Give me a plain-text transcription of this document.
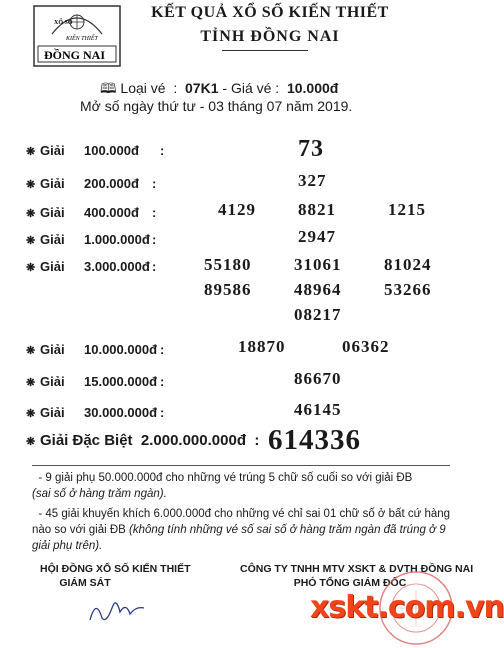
XỔ SỐ
KIẾN THIẾT
ĐỒNG NAI
KẾT QUẢ XỔ SỐ KIẾN THIẾT
TỈNH ĐỒNG NAI
🕮 Loại vé  :  07K1 - Giá vé :  10.000đ
Mở số ngày thứ tư - 03 tháng 07 năm 2019.
❋ Giải 100.000đ :	73
❋ Giải 200.000đ :	327
❋ Giải 400.000đ :	4129 8821	1215
❋ Giải 1.000.000đ :	2947
❋ Giải 3.000.000đ :	55180	31061	81024
89586	48964	53266
08217
❋ Giải 10.000.000đ :	18870	06362
❋ Giải 15.000.000đ :	86670
❋ Giải 30.000.000đ :	46145
❋ Giải Đặc Biệt 2.000.000.000đ  : 614336
- 9 giải phụ 50.000.000đ cho những vé trúng 5 chữ số cuối so với giải ĐB
(sai số ở hàng trăm ngàn).
- 45 giải khuyến khích 6.000.000đ cho những vé chỉ sai 01 chữ số ở bất cứ hàng nào so với giải ĐB (không tính những vé số sai số ở hàng trăm ngàn đã trúng ở 9 giải phụ trên).
HỘI ĐỒNG XỔ SỐ KIẾN THIẾT
GIÁM SÁT
CÔNG TY TNHH MTV XSKT & DVTH ĐỒNG NAI
PHÓ TỔNG GIÁM ĐỐC
xskt.com.vn
